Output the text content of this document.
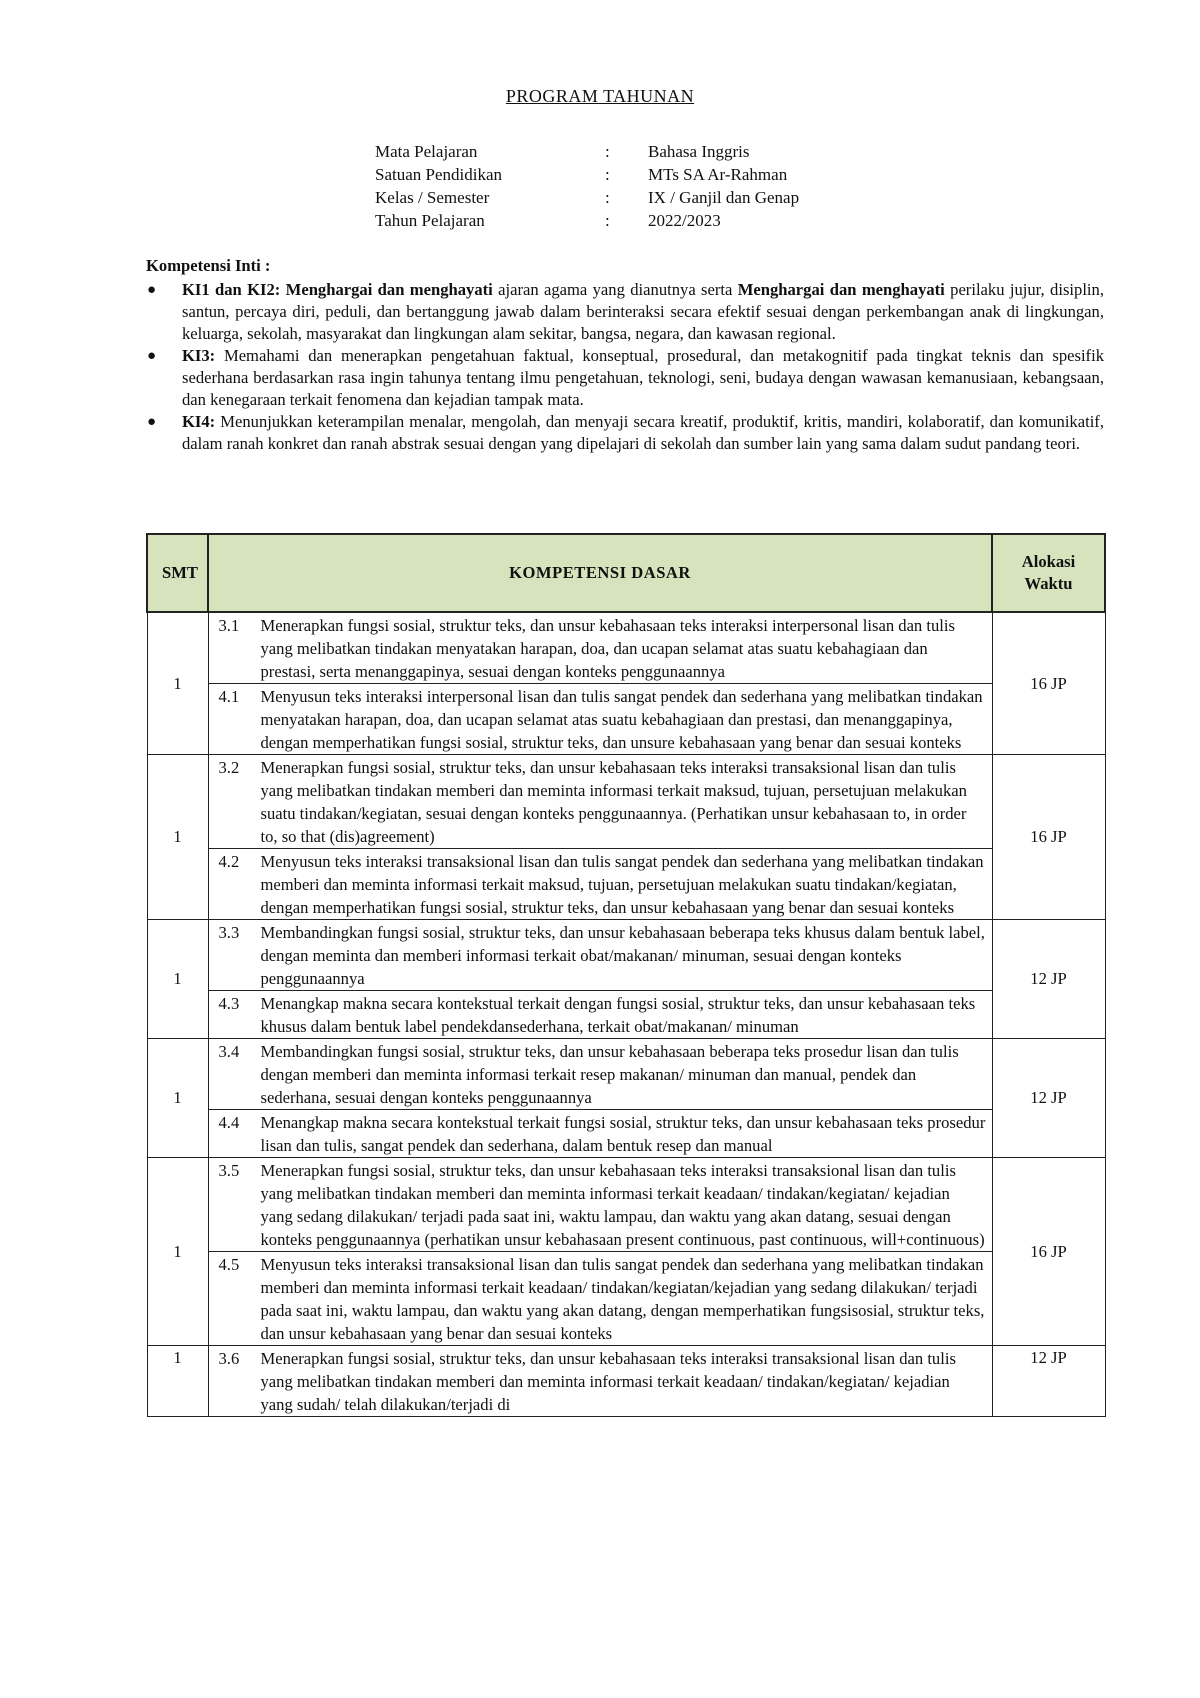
PROGRAM TAHUNAN
Mata Pelajaran	: Bahasa Inggris
Satuan Pendidikan	: MTs SA Ar-Rahman
Kelas / Semester	: IX / Ganjil dan Genap
Tahun Pelajaran	: 2022/2023
Kompetensi Inti :
● KI1 dan KI2: Menghargai dan menghayati ajaran agama yang dianutnya serta Menghargai dan menghayati perilaku jujur, disiplin, santun, percaya diri, peduli, dan bertanggung jawab dalam berinteraksi secara efektif sesuai dengan perkembangan anak di lingkungan, keluarga, sekolah, masyarakat dan lingkungan alam sekitar, bangsa, negara, dan kawasan regional.
● KI3: Memahami dan menerapkan pengetahuan faktual, konseptual, prosedural, dan metakognitif pada tingkat teknis dan spesifik sederhana berdasarkan rasa ingin tahunya tentang ilmu pengetahuan, teknologi, seni, budaya dengan wawasan kemanusiaan, kebangsaan, dan kenegaraan terkait fenomena dan kejadian tampak mata.
● KI4: Menunjukkan keterampilan menalar, mengolah, dan menyaji secara kreatif, produktif, kritis, mandiri, kolaboratif, dan komunikatif, dalam ranah konkret dan ranah abstrak sesuai dengan yang dipelajari di sekolah dan sumber lain yang sama dalam sudut pandang teori.
SMT	KOMPETENSI DASAR	Alokasi Waktu
1	3.1 Menerapkan fungsi sosial, struktur teks, dan unsur kebahasaan teks interaksi interpersonal lisan dan tulis yang melibatkan tindakan menyatakan harapan, doa, dan ucapan selamat atas suatu kebahagiaan dan prestasi, serta menanggapinya, sesuai dengan konteks penggunaannya
4.1 Menyusun teks interaksi interpersonal lisan dan tulis sangat pendek dan sederhana yang melibatkan tindakan menyatakan harapan, doa, dan ucapan selamat atas suatu kebahagiaan dan prestasi, dan menanggapinya, dengan memperhatikan fungsi sosial, struktur teks, dan unsure kebahasaan yang benar dan sesuai konteks	16 JP
1	3.2 Menerapkan fungsi sosial, struktur teks, dan unsur kebahasaan teks interaksi transaksional lisan dan tulis yang melibatkan tindakan memberi dan meminta informasi terkait maksud, tujuan, persetujuan melakukan suatu tindakan/kegiatan, sesuai dengan konteks penggunaannya. (Perhatikan unsur kebahasaan to, in order to, so that (dis)agreement)
4.2 Menyusun teks interaksi transaksional lisan dan tulis sangat pendek dan sederhana yang melibatkan tindakan memberi dan meminta informasi terkait maksud, tujuan, persetujuan melakukan suatu tindakan/kegiatan, dengan memperhatikan fungsi sosial, struktur teks, dan unsur kebahasaan yang benar dan sesuai konteks	16 JP
1	3.3 Membandingkan fungsi sosial, struktur teks, dan unsur kebahasaan beberapa teks khusus dalam bentuk label, dengan meminta dan memberi informasi terkait obat/makanan/ minuman, sesuai dengan konteks penggunaannya
4.3 Menangkap makna secara kontekstual terkait dengan fungsi sosial, struktur teks, dan unsur kebahasaan teks khusus dalam bentuk label pendekdansederhana, terkait obat/makanan/ minuman	12 JP
1	3.4 Membandingkan fungsi sosial, struktur teks, dan unsur kebahasaan beberapa teks prosedur lisan dan tulis dengan memberi dan meminta informasi terkait resep makanan/ minuman dan manual, pendek dan sederhana, sesuai dengan konteks penggunaannya
4.4 Menangkap makna secara kontekstual terkait fungsi sosial, struktur teks, dan unsur kebahasaan teks prosedur lisan dan tulis, sangat pendek dan sederhana, dalam bentuk resep dan manual	12 JP
1	3.5 Menerapkan fungsi sosial, struktur teks, dan unsur kebahasaan teks interaksi transaksional lisan dan tulis yang melibatkan tindakan memberi dan meminta informasi terkait keadaan/ tindakan/kegiatan/ kejadian yang sedang dilakukan/ terjadi pada saat ini, waktu lampau, dan waktu yang akan datang, sesuai dengan konteks penggunaannya (perhatikan unsur kebahasaan present continuous, past continuous, will+continuous)
4.5 Menyusun teks interaksi transaksional lisan dan tulis sangat pendek dan sederhana yang melibatkan tindakan memberi dan meminta informasi terkait keadaan/ tindakan/kegiatan/kejadian yang sedang dilakukan/ terjadi pada saat ini, waktu lampau, dan waktu yang akan datang, dengan memperhatikan fungsisosial, struktur teks, dan unsur kebahasaan yang benar dan sesuai konteks	16 JP
1	3.6 Menerapkan fungsi sosial, struktur teks, dan unsur kebahasaan teks interaksi transaksional lisan dan tulis yang melibatkan tindakan memberi dan meminta informasi terkait keadaan/ tindakan/kegiatan/ kejadian yang sudah/ telah dilakukan/terjadi di	12 JP
